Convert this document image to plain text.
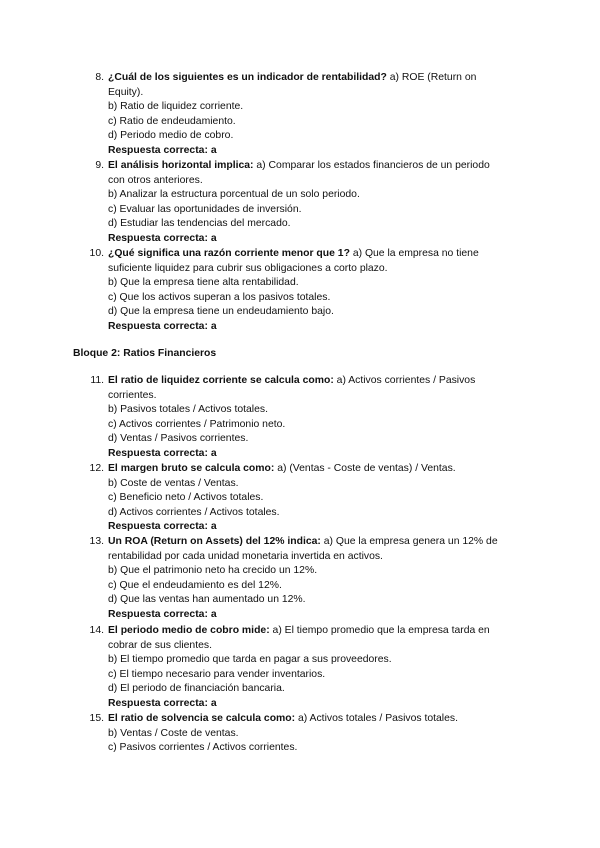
8. ¿Cuál de los siguientes es un indicador de rentabilidad? a) ROE (Return on Equity).

b) Ratio de liquidez corriente.

c) Ratio de endeudamiento.

d) Periodo medio de cobro.

Respuesta correcta: a

9. El análisis horizontal implica: a) Comparar los estados financieros de un periodo con otros anteriores.

b) Analizar la estructura porcentual de un solo periodo.

c) Evaluar las oportunidades de inversión.

d) Estudiar las tendencias del mercado.

Respuesta correcta: a

10. ¿Qué significa una razón corriente menor que 1? a) Que la empresa no tiene suficiente liquidez para cubrir sus obligaciones a corto plazo.

b) Que la empresa tiene alta rentabilidad.

c) Que los activos superan a los pasivos totales.

d) Que la empresa tiene un endeudamiento bajo.

Respuesta correcta: a

Bloque 2: Ratios Financieros

11. El ratio de liquidez corriente se calcula como: a) Activos corrientes / Pasivos corrientes.

b) Pasivos totales / Activos totales.

c) Activos corrientes / Patrimonio neto.

d) Ventas / Pasivos corrientes.

Respuesta correcta: a

12. El margen bruto se calcula como: a) (Ventas - Coste de ventas) / Ventas.

b) Coste de ventas / Ventas.

c) Beneficio neto / Activos totales.

d) Activos corrientes / Activos totales.

Respuesta correcta: a

13. Un ROA (Return on Assets) del 12% indica: a) Que la empresa genera un 12% de rentabilidad por cada unidad monetaria invertida en activos.

b) Que el patrimonio neto ha crecido un 12%.

c) Que el endeudamiento es del 12%.

d) Que las ventas han aumentado un 12%.

Respuesta correcta: a

14. El periodo medio de cobro mide: a) El tiempo promedio que la empresa tarda en cobrar de sus clientes.

b) El tiempo promedio que tarda en pagar a sus proveedores.

c) El tiempo necesario para vender inventarios.

d) El periodo de financiación bancaria.

Respuesta correcta: a

15. El ratio de solvencia se calcula como: a) Activos totales / Pasivos totales.

b) Ventas / Coste de ventas.

c) Pasivos corrientes / Activos corrientes.
